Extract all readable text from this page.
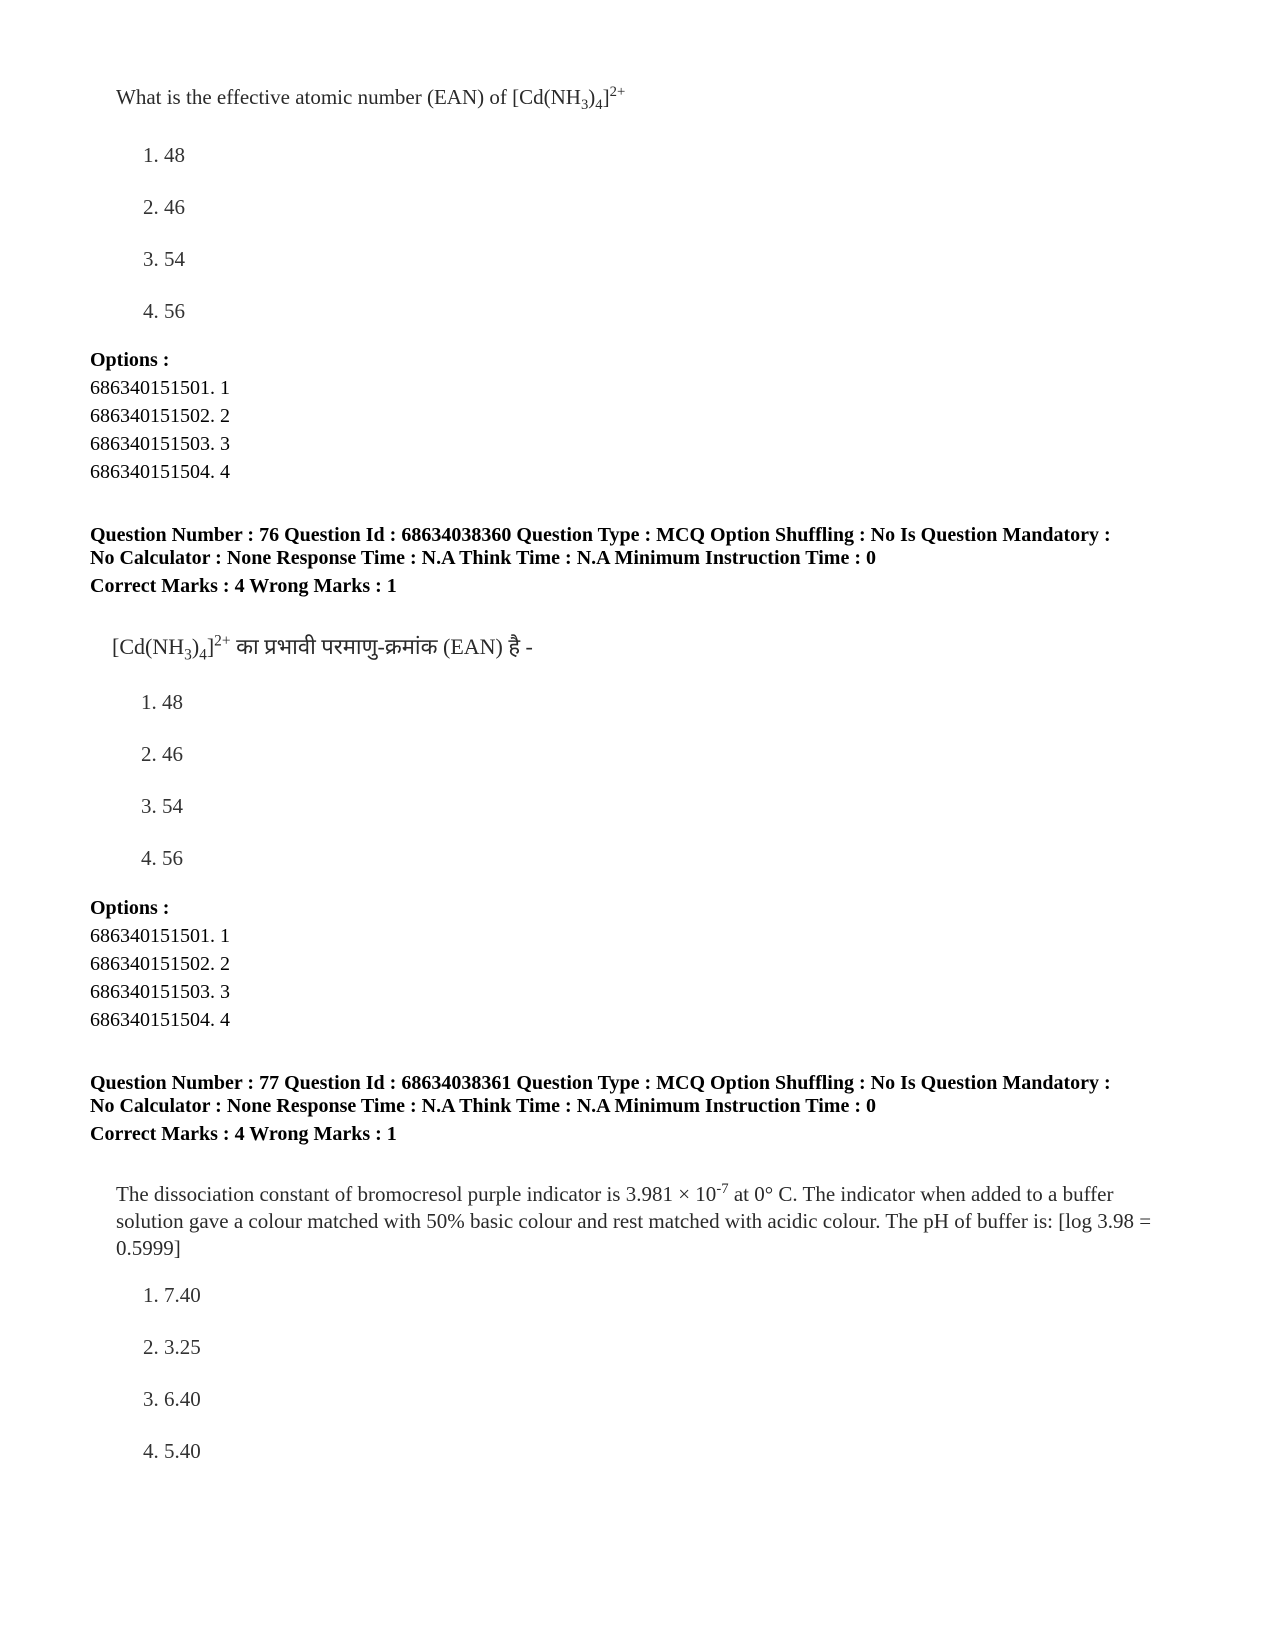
What is the effective atomic number (EAN) of $[Cd(NH_3)_4]^{2+}$
1. 48
2. 46
3. 54
4. 56
Options :
686340151501. 1
686340151502. 2
686340151503. 3
686340151504. 4
Question Number : 76 Question Id : 68634038360 Question Type : MCQ Option Shuffling : No Is Question Mandatory :
No Calculator : None Response Time : N.A Think Time : N.A Minimum Instruction Time : 0
Correct Marks : 4 Wrong Marks : 1
$[Cd(NH_3)_4]^{2+}$ का प्रभावी परमाणु-क्रमांक (EAN) है -
1. 48
2. 46
3. 54
4. 56
Options :
686340151501. 1
686340151502. 2
686340151503. 3
686340151504. 4
Question Number : 77 Question Id : 68634038361 Question Type : MCQ Option Shuffling : No Is Question Mandatory :
No Calculator : None Response Time : N.A Think Time : N.A Minimum Instruction Time : 0
Correct Marks : 4 Wrong Marks : 1
The dissociation constant of bromocresol purple indicator is $3.981 \times 10^{-7}$ at 0° C. The indicator when added to a buffer solution gave a colour matched with 50% basic colour and rest matched with acidic colour. The pH of buffer is: [log 3.98 = 0.5999]
1. 7.40
2. 3.25
3. 6.40
4. 5.40
